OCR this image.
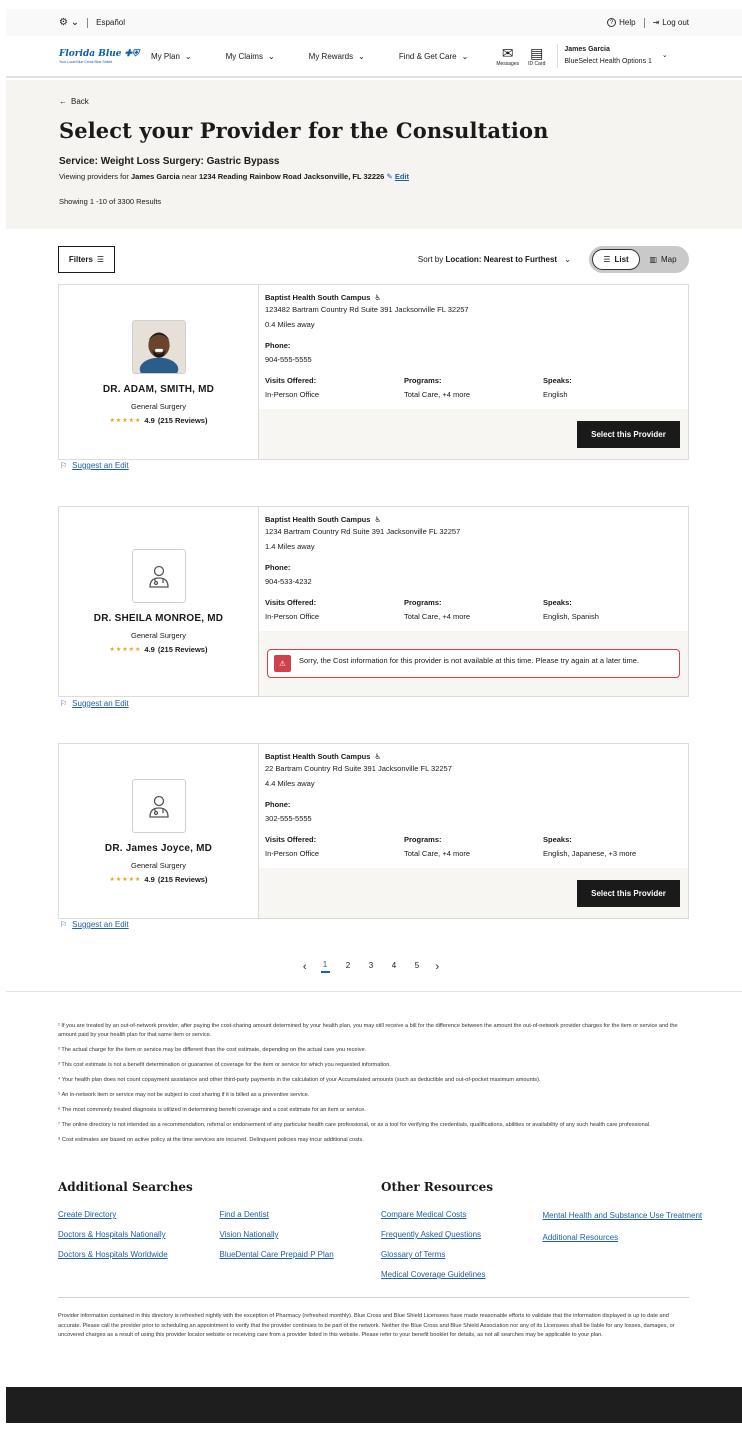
⚙ ⌄ Español	? Help ⇥ Log out
Florida Blue ✚⛨
Your Local Blue Cross Blue Shield
My Plan ⌄	My Claims ⌄	My Rewards ⌄	Find & Get Care ⌄ ✉
Messages
▤
ID Card
James Garcia
BlueSelect Health Options 1
⌄
← Back
Select your Provider for the Consultation
Service: Weight Loss Surgery: Gastric Bypass
Viewing providers for James Garcia near 1234 Reading Rainbow Road Jacksonville, FL 32226 ✎ Edit
Showing 1 -10 of 3300 Results
Filters ☰	Sort by Location: Nearest to Furthest ⌄	☰ List	▥ Map
DR. ADAM, SMITH, MD
General Surgery
★★★★★ 4.9 (215 Reviews)
Baptist Health South Campus ♿
123482 Bartram Country Rd Suite 391 Jacksonville FL 32257
0.4 Miles away
Phone:
904-555-5555
Visits Offered:
In-Person Office
Programs:
Total Care, +4 more
Speaks:
English
Select this Provider
⚐ Suggest an Edit
DR. SHEILA MONROE, MD
General Surgery
★★★★★ 4.9 (215 Reviews)
Baptist Health South Campus ♿
1234 Bartram Country Rd Suite 391 Jacksonville FL 32257
1.4 Miles away
Phone:
904-533-4232
Visits Offered:
In-Person Office
Programs:
Total Care, +4 more
Speaks:
English, Spanish
⚠	Sorry, the Cost information for this provider is not available at this time. Please try again at a later time.
⚐ Suggest an Edit
DR. James Joyce, MD
General Surgery
★★★★★ 4.9 (215 Reviews)
Baptist Health South Campus ♿
22 Bartram Country Rd Suite 391 Jacksonville FL 32257
4.4 Miles away
Phone:
302-555-5555
Visits Offered:
In-Person Office
Programs:
Total Care, +4 more
Speaks:
English, Japanese, +3 more
Select this Provider
⚐ Suggest an Edit
‹ 1 2 3 4 5 ›

¹ If you are treated by an out-of-network provider, after paying the cost-sharing amount determined by your health plan, you may still receive a bill for the difference between the amount the out-of-network provider charges for the item or service and the amount paid by your health plan for that same item or service.

² The actual charge for the item or service may be different than the cost estimate, depending on the actual care you receive.

³ This cost estimate is not a benefit determination or guarantee of coverage for the item or service for which you requested information.

⁴ Your health plan does not count copayment assistance and other third-party payments in the calculation of your Accumulated amounts (such as deductible and out-of-pocket maximum amounts).

⁵ An in-network item or service may not be subject to cost sharing if it is billed as a preventive service.

⁶ The most commonly treated diagnosis is utilized in determining benefit coverage and a cost estimate for an item or service.

⁷ The online directory is not intended as a recommendation, referral or endorsement of any particular health care professional, or as a tool for verifying the credentials, qualifications, abilities or availability of any such health care professional.

⁸ Cost estimates are based on active policy at the time services are incurred. Delinquent policies may incur additional costs.

Additional Searches
Create Directory
Doctors & Hospitals Nationally
Doctors & Hospitals Worldwide
Find a Dentist
Vision Nationally
BlueDental Care Prepaid P Plan
Other Resources
Compare Medical Costs
Frequently Asked Questions
Glossary of Terms
Medical Coverage Guidelines
Mental Health and Substance Use Treatment
Additional Resources
Provider information contained in this directory is refreshed nightly with the exception of Pharmacy (refreshed monthly). Blue Cross and Blue Shield Licensees have made reasonable efforts to validate that the information displayed is up to date and accurate. Please call the provider prior to scheduling an appointment to verify that the provider continues to be part of the network. Neither the Blue Cross and Blue Shield Association nor any of its Licensees shall be liable for any losses, damages, or uncovered charges as a result of using this provider locator website or receiving care from a provider listed in this website. Please refer to your benefit booklet for details, as not all searches may be applicable to your plan.
